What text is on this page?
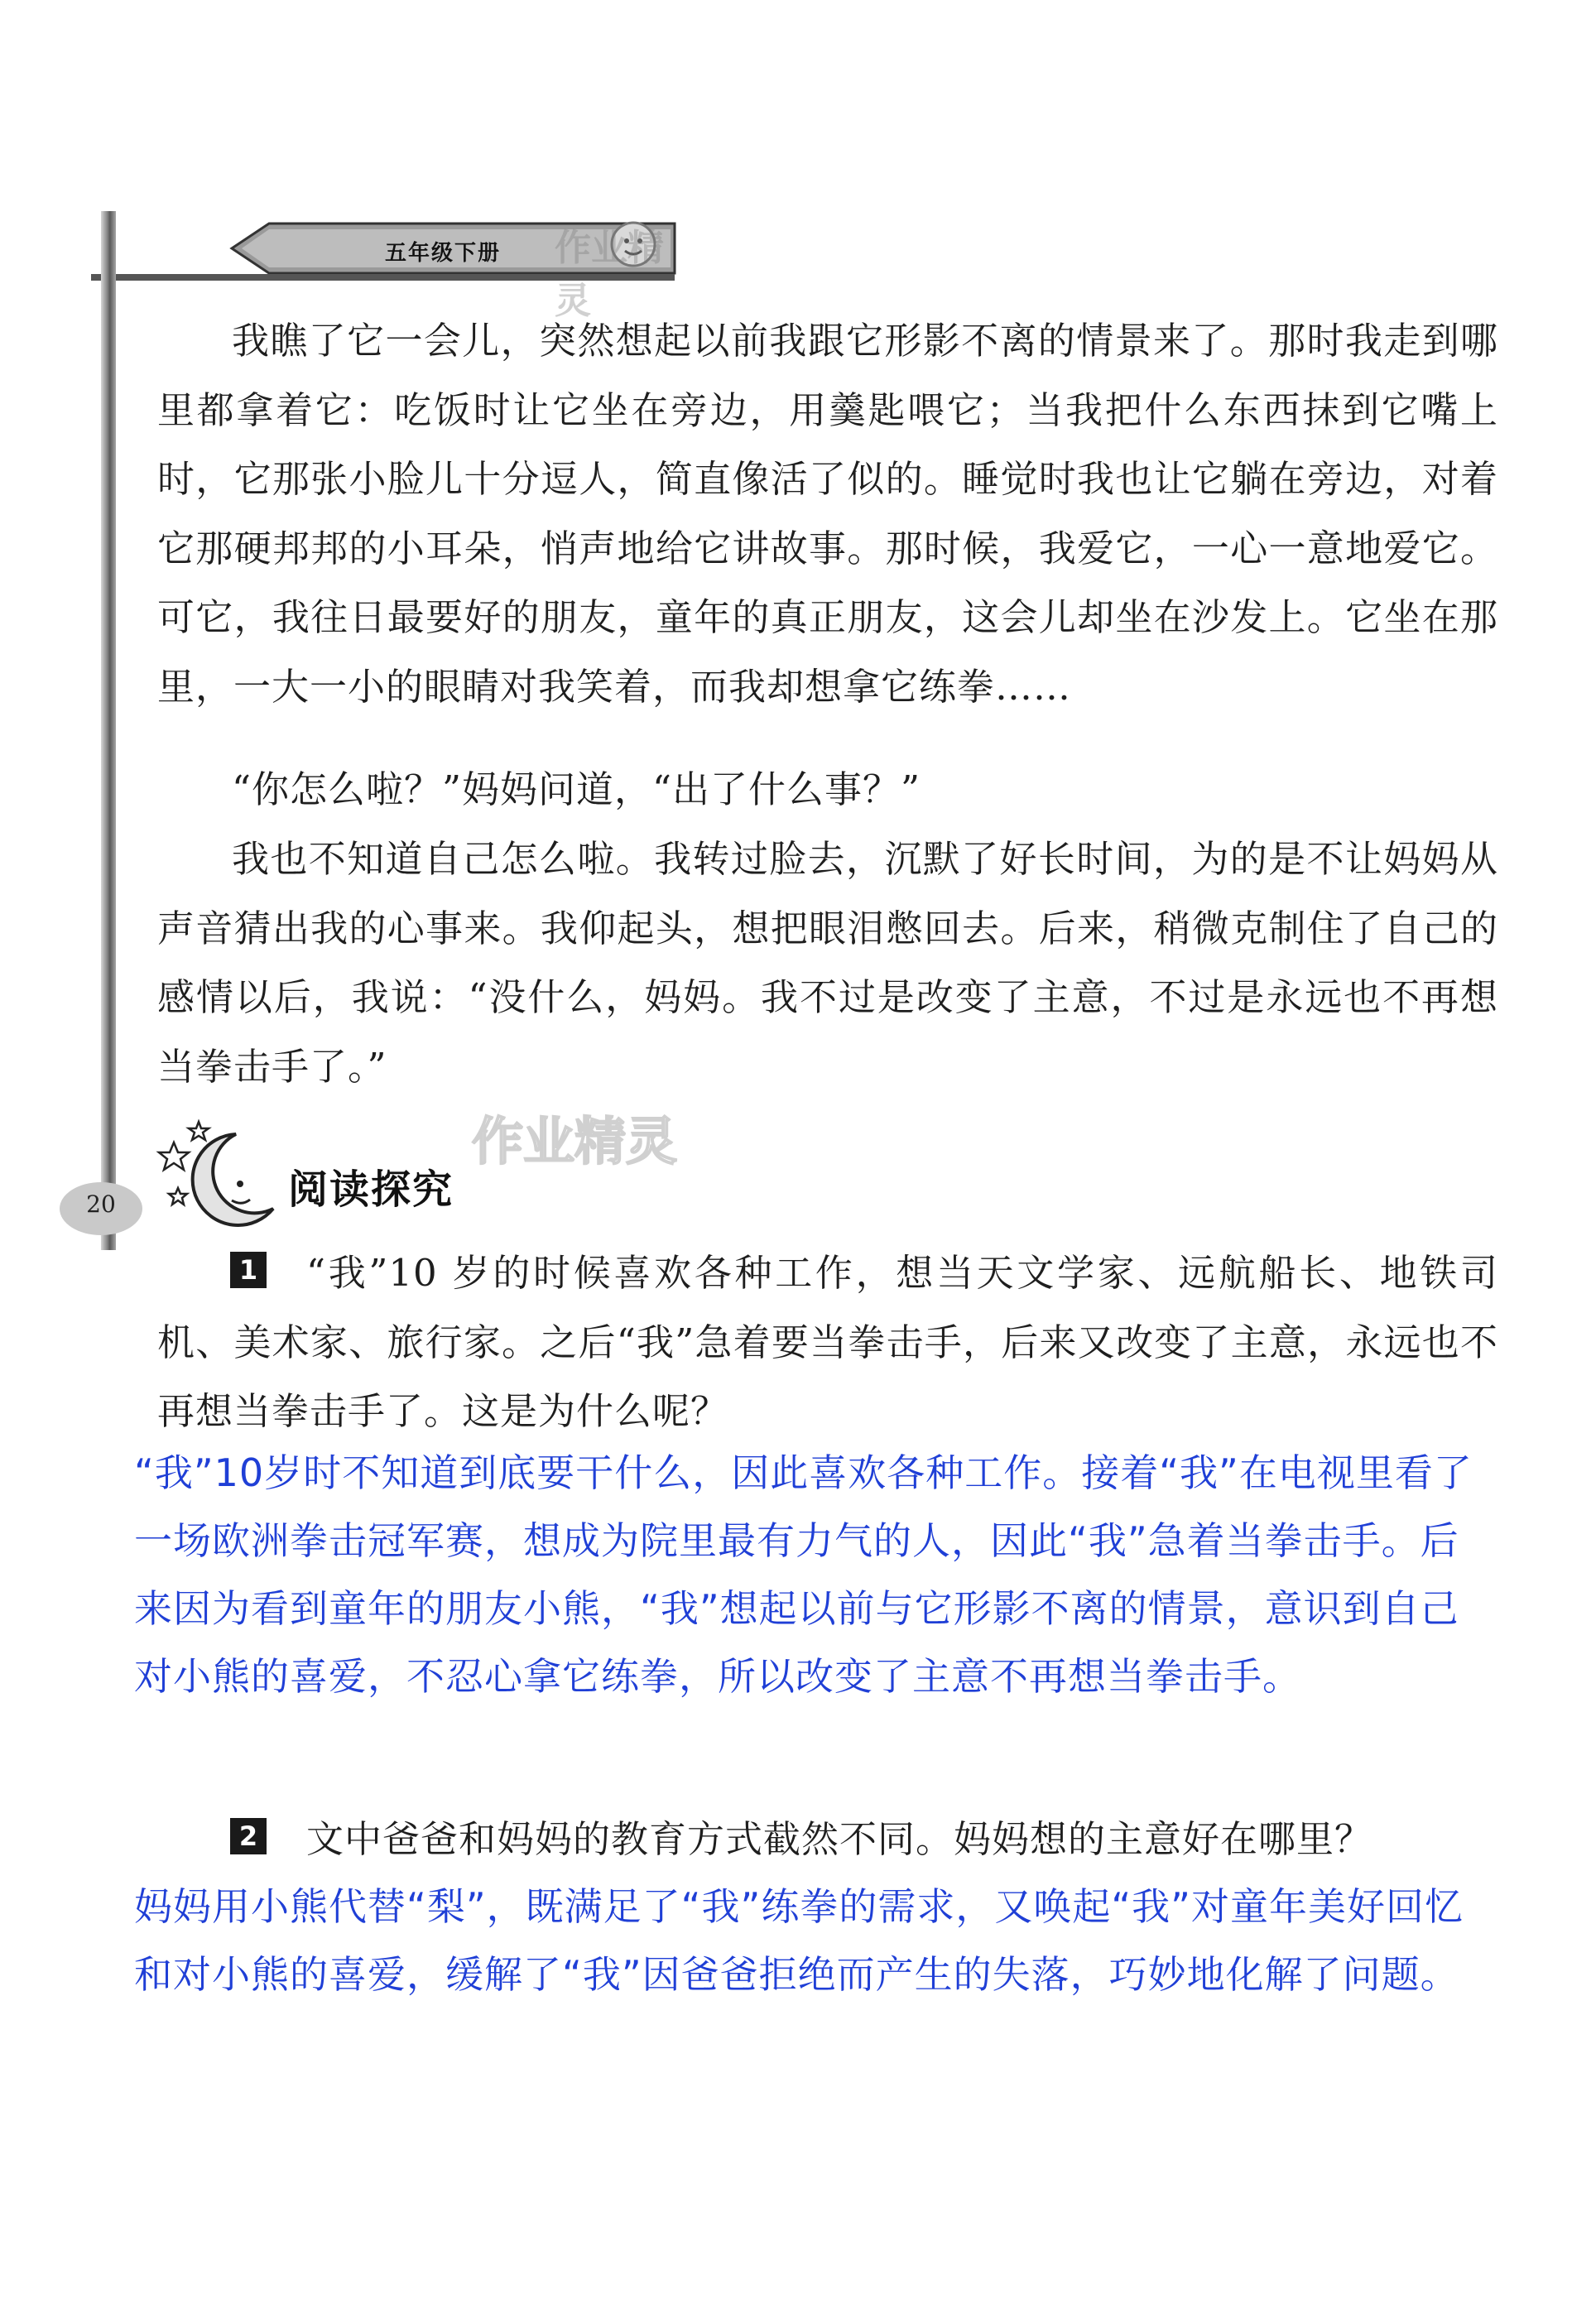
五年级下册 作业精灵

我瞧了它一会儿，突然想起以前我跟它形影不离的情景来了。那时我走到哪里都拿着它：吃饭时让它坐在旁边，用羹匙喂它；当我把什么东西抹到它嘴上时，它那张小脸儿十分逗人，简直像活了似的。睡觉时我也让它躺在旁边，对着它那硬邦邦的小耳朵，悄声地给它讲故事。那时候，我爱它，一心一意地爱它。可它，我往日最要好的朋友，童年的真正朋友，这会儿却坐在沙发上。它坐在那里，一大一小的眼睛对我笑着，而我却想拿它练拳……

“你怎么啦？”妈妈问道，“出了什么事？”

我也不知道自己怎么啦。我转过脸去，沉默了好长时间，为的是不让妈妈从声音猜出我的心事来。我仰起头，想把眼泪憋回去。后来，稍微克制住了自己的感情以后，我说：“没什么，妈妈。我不过是改变了主意，不过是永远也不再想当拳击手了。”

20	阅读探究
作业精灵
1	“我”10 岁的时候喜欢各种工作，想当天文学家、远航船长、地铁司机、美术家、旅行家。之后“我”急着要当拳击手，后来又改变了主意，永远也不再想当拳击手了。这是为什么呢？

“我”10岁时不知道到底要干什么，因此喜欢各种工作。接着“我”在电视里看了一场欧洲拳击冠军赛，想成为院里最有力气的人，因此“我”急着当拳击手。后来因为看到童年的朋友小熊，“我”想起以前与它形影不离的情景，意识到自己对小熊的喜爱，不忍心拿它练拳，所以改变了主意不再想当拳击手。

2	文中爸爸和妈妈的教育方式截然不同。妈妈想的主意好在哪里？

妈妈用小熊代替“梨”，既满足了“我”练拳的需求，又唤起“我”对童年美好回忆和对小熊的喜爱，缓解了“我”因爸爸拒绝而产生的失落，巧妙地化解了问题。
